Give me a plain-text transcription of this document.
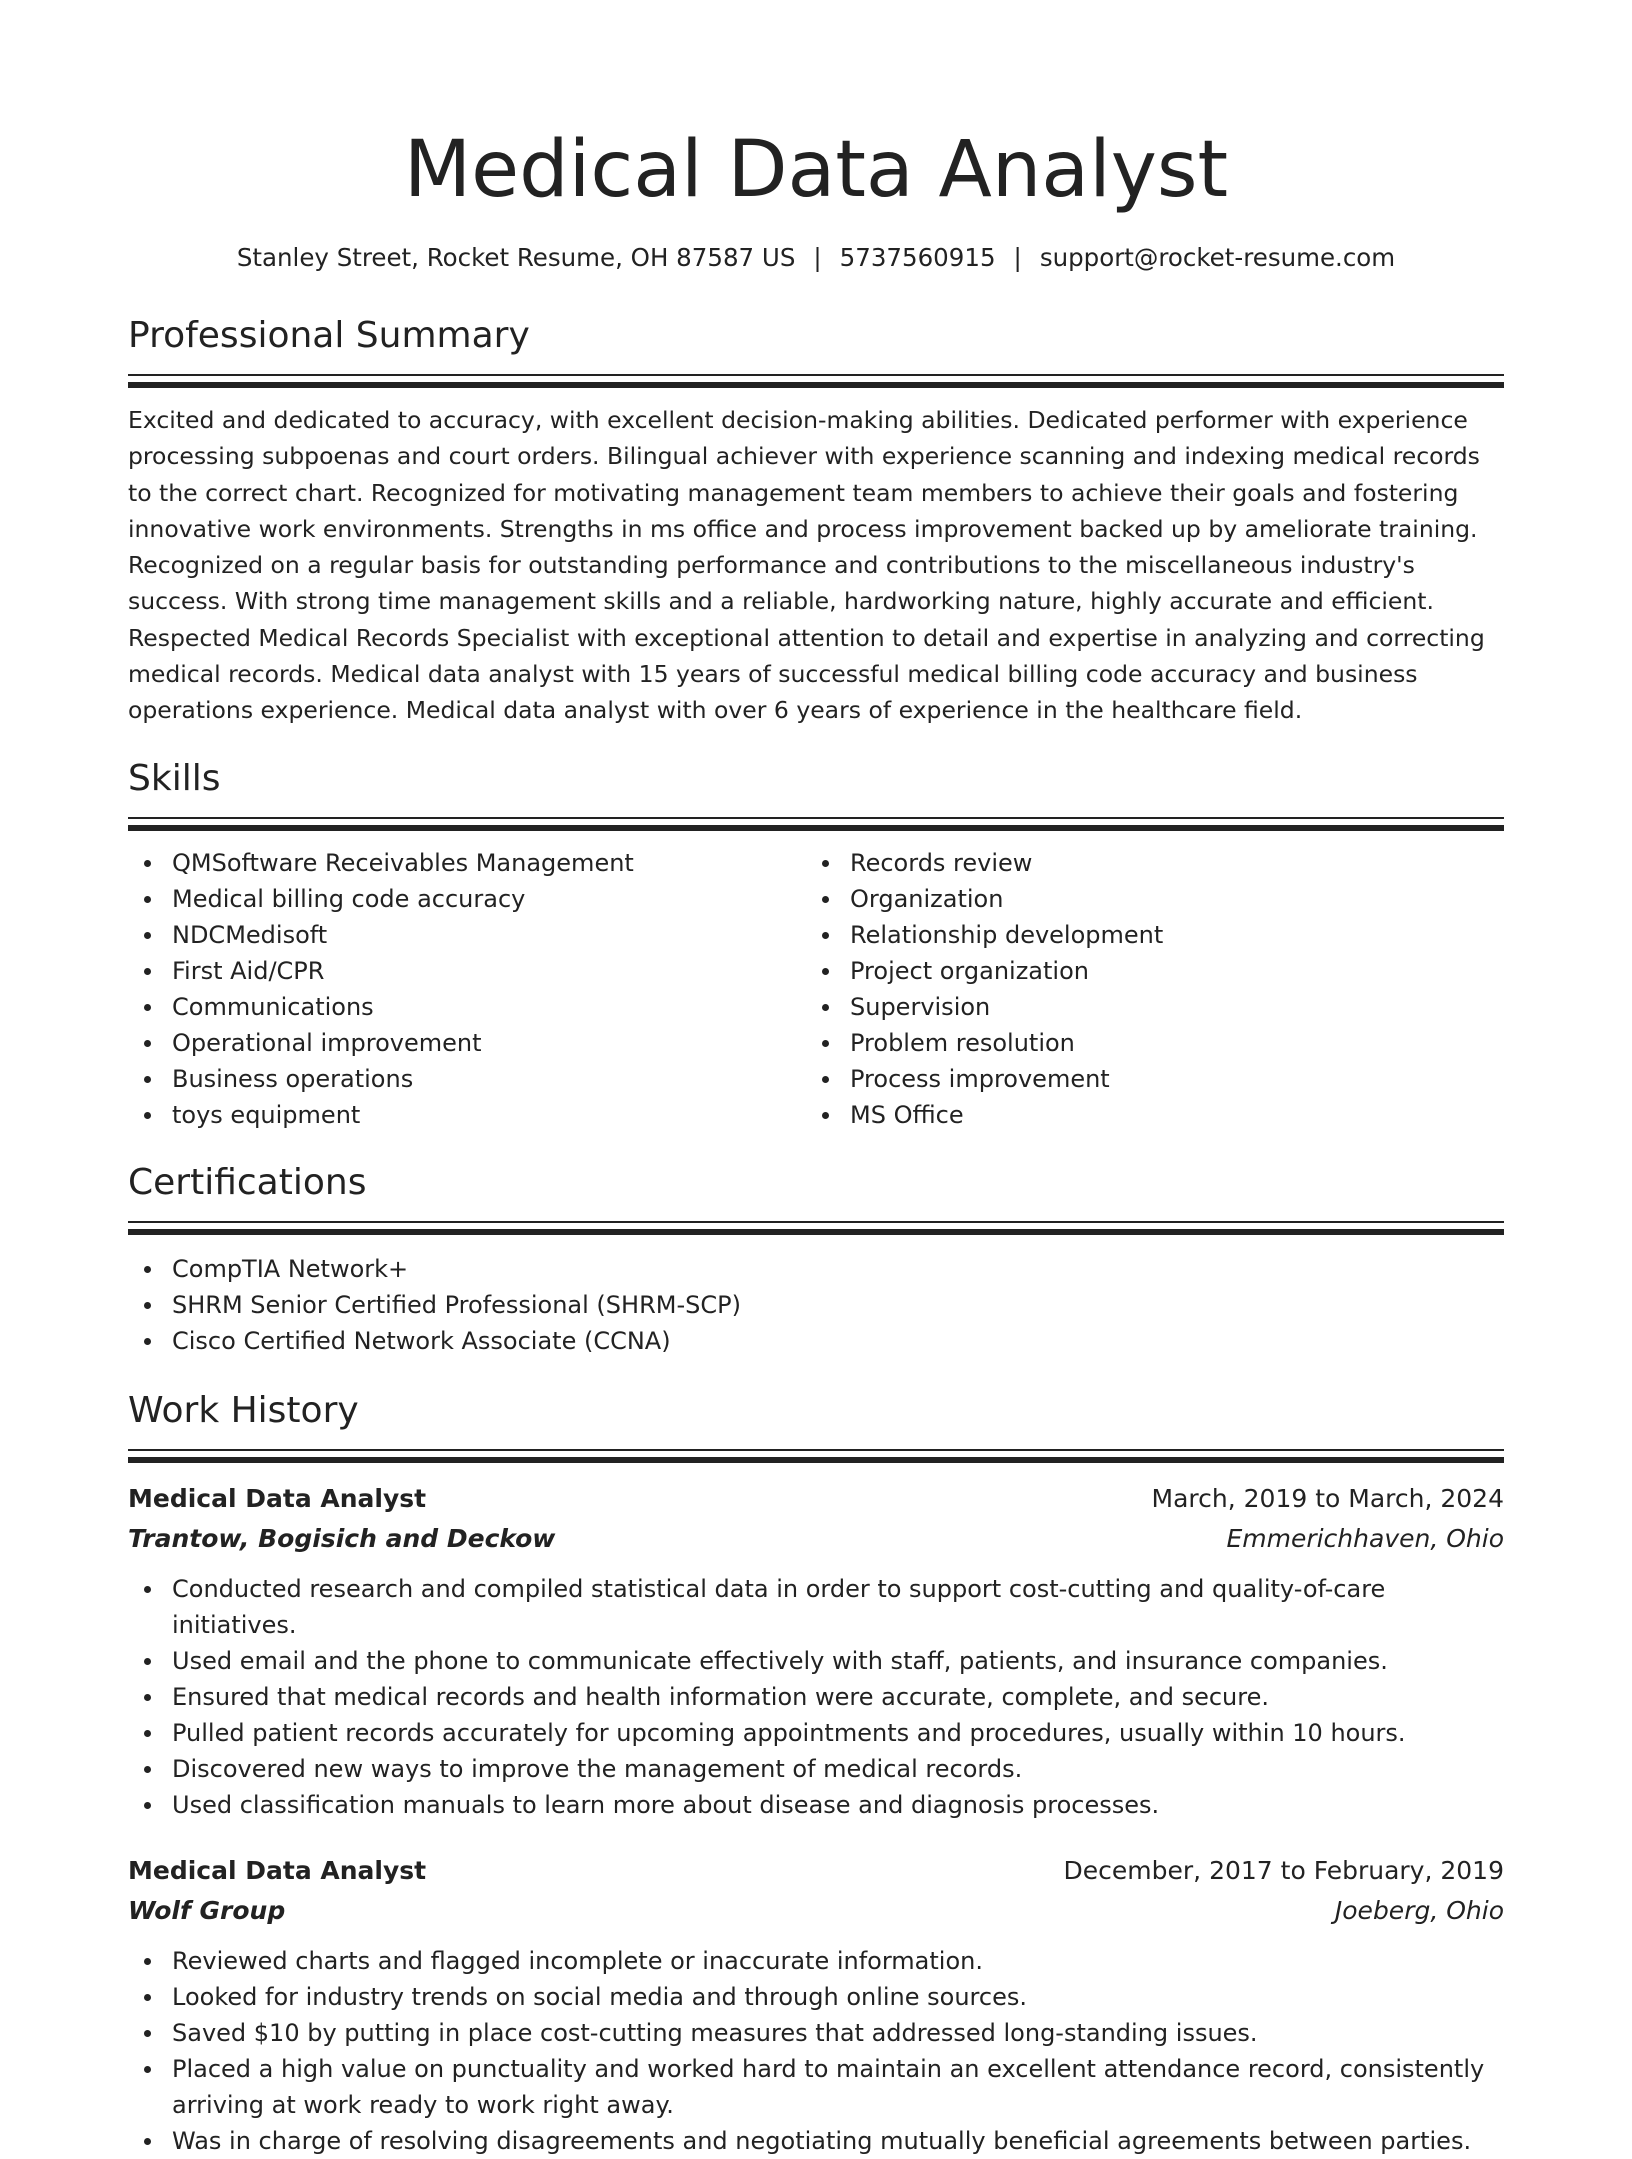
Medical Data Analyst
Stanley Street, Rocket Resume, OH 87587 US | 5737560915 | support@rocket-resume.com
Professional Summary

Excited and dedicated to accuracy, with excellent decision-making abilities. Dedicated performer with experience processing subpoenas and court orders. Bilingual achiever with experience scanning and indexing medical records to the correct chart. Recognized for motivating management team members to achieve their goals and fostering innovative work environments. Strengths in ms office and process improvement backed up by ameliorate training. Recognized on a regular basis for outstanding performance and contributions to the miscellaneous industry's success. With strong time management skills and a reliable, hardworking nature, highly accurate and efficient. Respected Medical Records Specialist with exceptional attention to detail and expertise in analyzing and correcting medical records. Medical data analyst with 15 years of successful medical billing code accuracy and business operations experience. Medical data analyst with over 6 years of experience in the healthcare field.

Skills
QMSoftware Receivables Management
Medical billing code accuracy
NDCMedisoft
First Aid/CPR
Communications
Operational improvement
Business operations
toys equipment
Records review
Organization
Relationship development
Project organization
Supervision
Problem resolution
Process improvement
MS Office
Certifications
CompTIA Network+
SHRM Senior Certified Professional (SHRM-SCP)
Cisco Certified Network Associate (CCNA)
Work History
Medical Data Analyst	March, 2019 to March, 2024
Trantow, Bogisich and Deckow	Emmerichhaven, Ohio
Conducted research and compiled statistical data in order to support cost-cutting and quality-of-care initiatives.
Used email and the phone to communicate effectively with staff, patients, and insurance companies.
Ensured that medical records and health information were accurate, complete, and secure.
Pulled patient records accurately for upcoming appointments and procedures, usually within 10 hours.
Discovered new ways to improve the management of medical records.
Used classification manuals to learn more about disease and diagnosis processes.
Medical Data Analyst	December, 2017 to February, 2019
Wolf Group	Joeberg, Ohio
Reviewed charts and flagged incomplete or inaccurate information.
Looked for industry trends on social media and through online sources.
Saved $10 by putting in place cost-cutting measures that addressed long-standing issues.
Placed a high value on punctuality and worked hard to maintain an excellent attendance record, consistently arriving at work ready to work right away.
Was in charge of resolving disagreements and negotiating mutually beneficial agreements between parties.
